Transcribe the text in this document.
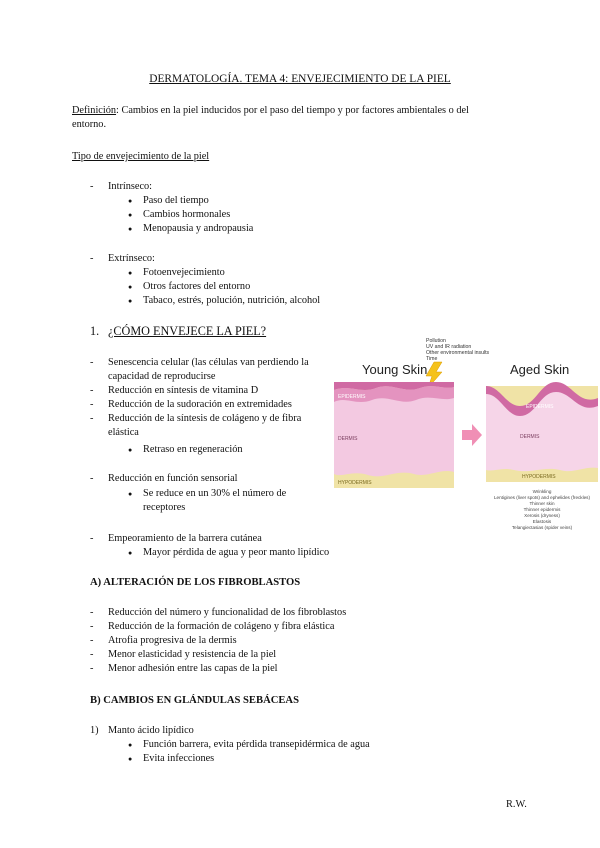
DERMATOLOGÍA. TEMA 4: ENVEJECIMIENTO DE LA PIEL
Definición: Cambios en la piel inducidos por el paso del tiempo y por factores ambientales o del
entorno.
Tipo de envejecimiento de la piel
- Intrínseco:
● Paso del tiempo
● Cambios hormonales
● Menopausia y andropausia
- Extrínseco:
● Fotoenvejecimiento
● Otros factores del entorno
● Tabaco, estrés, polución, nutrición, alcohol
1. ¿CÓMO ENVEJECE LA PIEL?
- Senescencia celular (las células van perdiendo la
capacidad de reproducirse
- Reducción en síntesis de vitamina D
- Reducción de la sudoración en extremidades
- Reducción de la síntesis de colágeno y de fibra
elástica
● Retraso en regeneración
- Reducción en función sensorial
● Se reduce en un 30% el número de
receptores
- Empeoramiento de la barrera cutánea
● Mayor pérdida de agua y peor manto lipídico
Pollution
UV and IR radiation
Other environmental insults
Time
Young Skin
EPIDERMIS
DERMIS
HYPODERMIS
Aged Skin
EPIDERMIS
DERMIS
HYPODERMIS
Wrinkling
Lentigines (liver spots) and ephelides (freckles)
Thinner skin
Thinner epidermis
Xerosis (dryness)
Elastosis
Telangiectasias (spider veins)
A) ALTERACIÓN DE LOS FIBROBLASTOS
- Reducción del número y funcionalidad de los fibroblastos
- Reducción de la formación de colágeno y fibra elástica
- Atrofia progresiva de la dermis
- Menor elasticidad y resistencia de la piel
- Menor adhesión entre las capas de la piel
B) CAMBIOS EN GLÁNDULAS SEBÁCEAS
1) Manto ácido lipídico
● Función barrera, evita pérdida transepidérmica de agua
● Evita infecciones
R.W.
